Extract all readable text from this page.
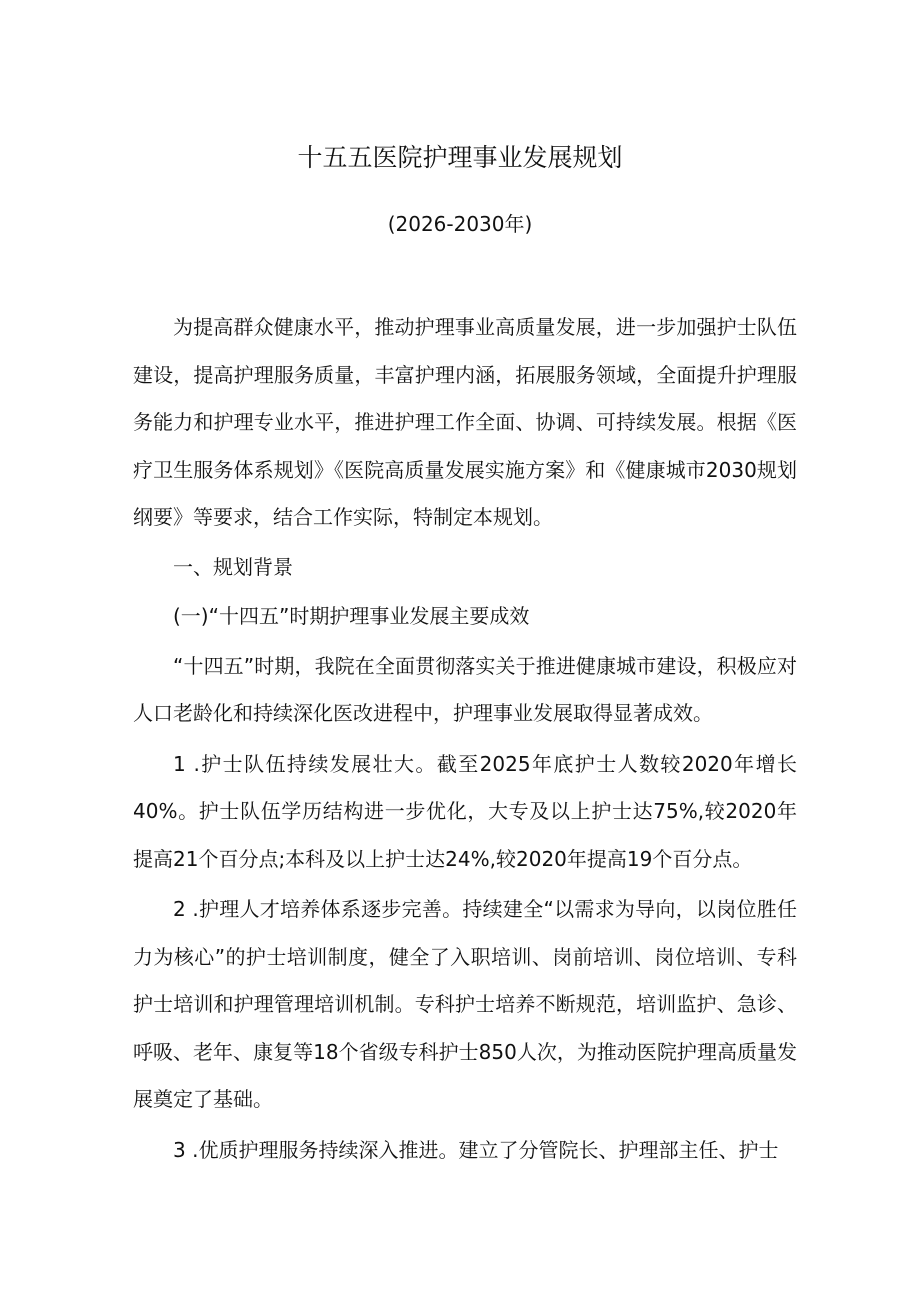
十五五医院护理事业发展规划
(2026-2030年)

为提高群众健康水平，推动护理事业高质量发展，进一步加强护士队伍建设，提高护理服务质量，丰富护理内涵，拓展服务领域，全面提升护理服务能力和护理专业水平，推进护理工作全面、协调、可持续发展。根据《医疗卫生服务体系规划》《医院高质量发展实施方案》和《健康城市2030规划纲要》等要求，结合工作实际，特制定本规划。

一、规划背景

(一)“十四五”时期护理事业发展主要成效

“十四五”时期，我院在全面贯彻落实关于推进健康城市建设，积极应对人口老龄化和持续深化医改进程中，护理事业发展取得显著成效。

1 .护士队伍持续发展壮大。截至2025年底护士人数较2020年增长40%。护士队伍学历结构进一步优化，大专及以上护士达75%,较2020年提高21个百分点;本科及以上护士达24%,较2020年提高19个百分点。

2 .护理人才培养体系逐步完善。持续建全“以需求为导向，以岗位胜任力为核心”的护士培训制度，健全了入职培训、岗前培训、岗位培训、专科护士培训和护理管理培训机制。专科护士培养不断规范，培训监护、急诊、呼吸、老年、康复等18个省级专科护士850人次，为推动医院护理高质量发展奠定了基础。

3 .优质护理服务持续深入推进。建立了分管院长、护理部主任、护士
